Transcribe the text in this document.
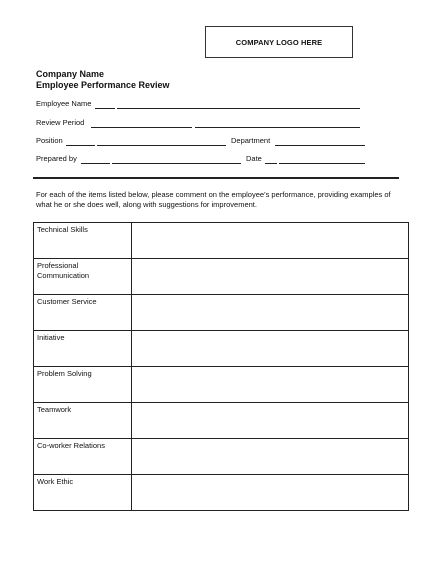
COMPANY LOGO HERE
Company Name
Employee Performance Review
Employee Name
Review Period
Position	Department
Prepared by	Date
For each of the items listed below, please comment on the employee’s performance, providing examples of what he or she does well, along with suggestions for improvement.
Technical Skills	
Professional Communication	
Customer Service	
Initiative	
Problem Solving	
Teamwork	
Co-worker Relations	
Work Ethic	
